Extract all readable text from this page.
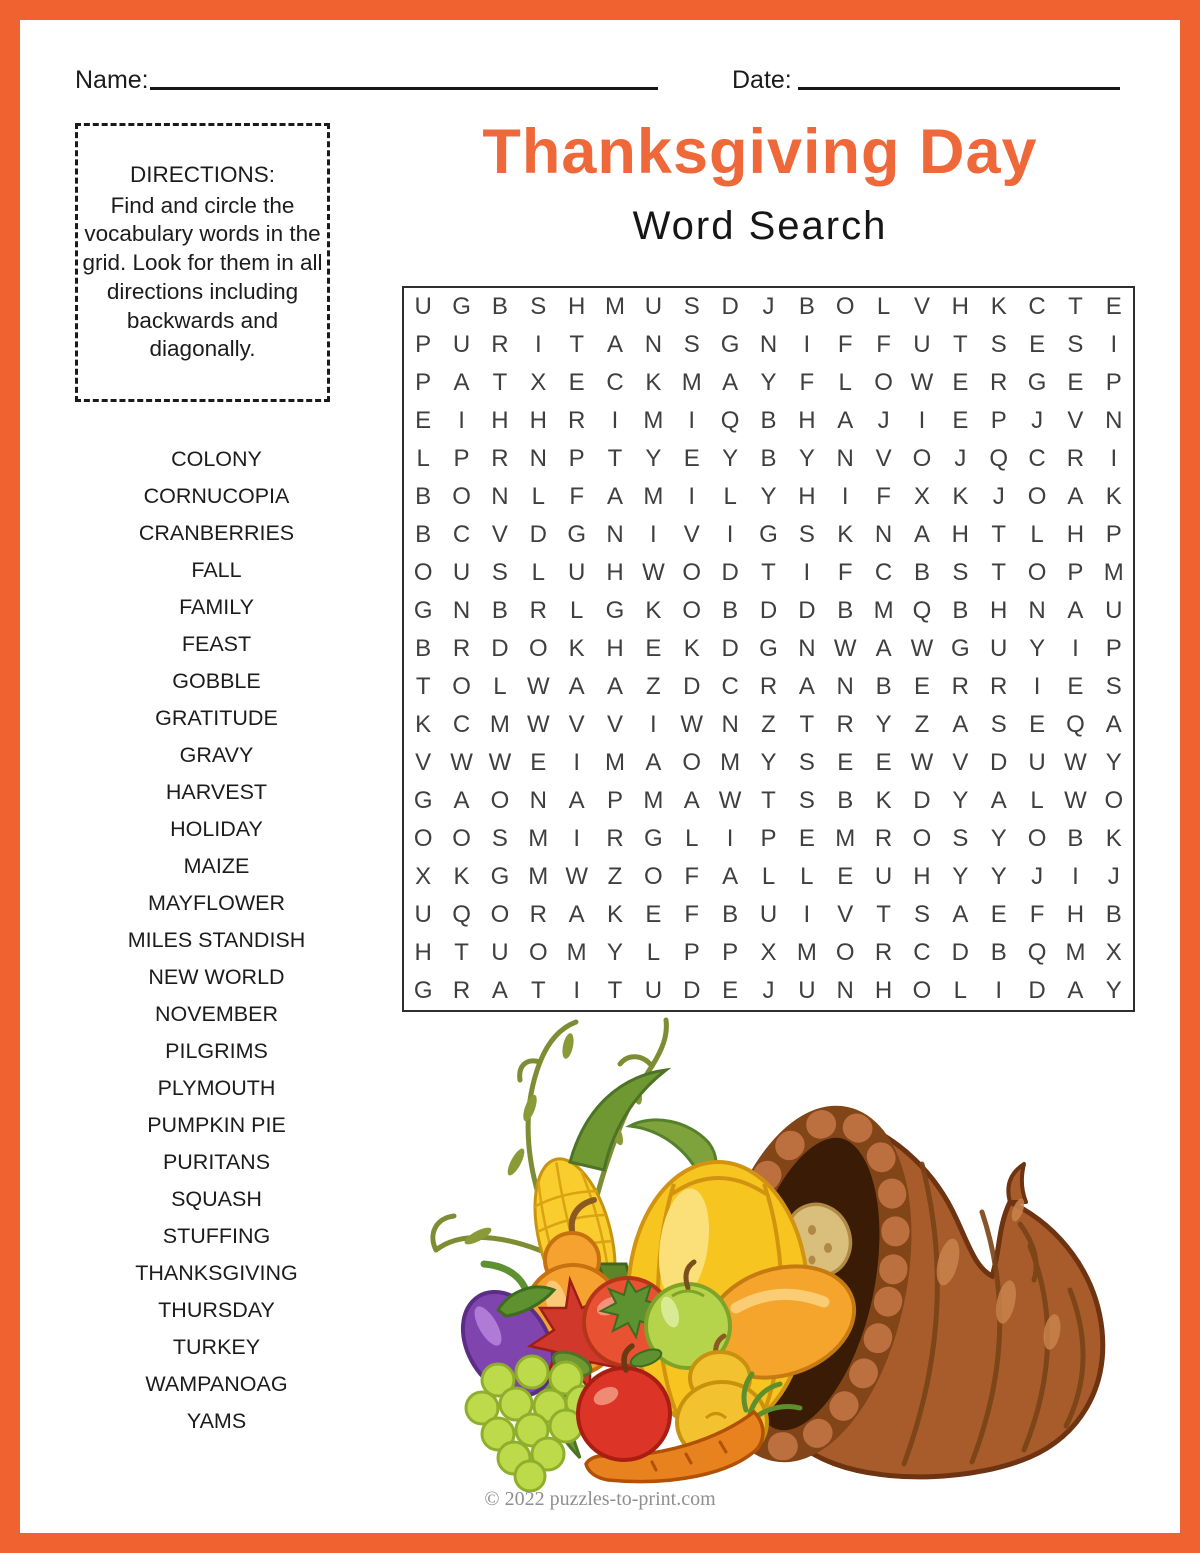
Name:	Date:
Thanksgiving Day
Word Search
DIRECTIONS:
Find and circle the vocabulary words in the grid. Look for them in all directions including backwards and diagonally.
COLONY
CORNUCOPIA
CRANBERRIES
FALL
FAMILY
FEAST
GOBBLE
GRATITUDE
GRAVY
HARVEST
HOLIDAY
MAIZE
MAYFLOWER
MILES STANDISH
NEW WORLD
NOVEMBER
PILGRIMS
PLYMOUTH
PUMPKIN PIE
PURITANS
SQUASH
STUFFING
THANKSGIVING
THURSDAY
TURKEY
WAMPANOAG
YAMS
U G B S H M U S D J	B O L V H K C T E
P U R	I	T A N S G N	I	F F U T S E S	I
P A T X E C K M A Y F	L O W E R G E P
E	I	H H R	I	M	I	Q B H A	J	I	E P	J	V N
L P R N P T Y E Y B Y N V O J Q C R	I
B O N L	F A M	I	L Y H	I	F X K	J O A K
B C V D G N	I	V	I	G S K N A H T	L H P
O U S L U H W O D T	I	F C B S T O P M
G N B R L G K O B D D B M Q B H N A U
B R D O K H E K D G N W A W G U Y	I	P
T O L W A A Z D C R A N B E R R	I	E S
K C M W V V	I W N Z T R Y Z A S E Q A
V W W E	I	M A O M Y S E E W V D U W Y
G A O N A P M A W T S B K D Y A L W O
O O S M	I	R G L	I	P E M R O S Y O B K
X K G M W Z O F A L	L E U H Y Y	J	I	J
U Q O R A K E F B U	I	V T S A E F H B
H T U O M Y L P P X M O R C D B Q M X
G R A T	I	T U D E	J U N H O L	I	D A Y
© 2022 puzzles-to-print.com
